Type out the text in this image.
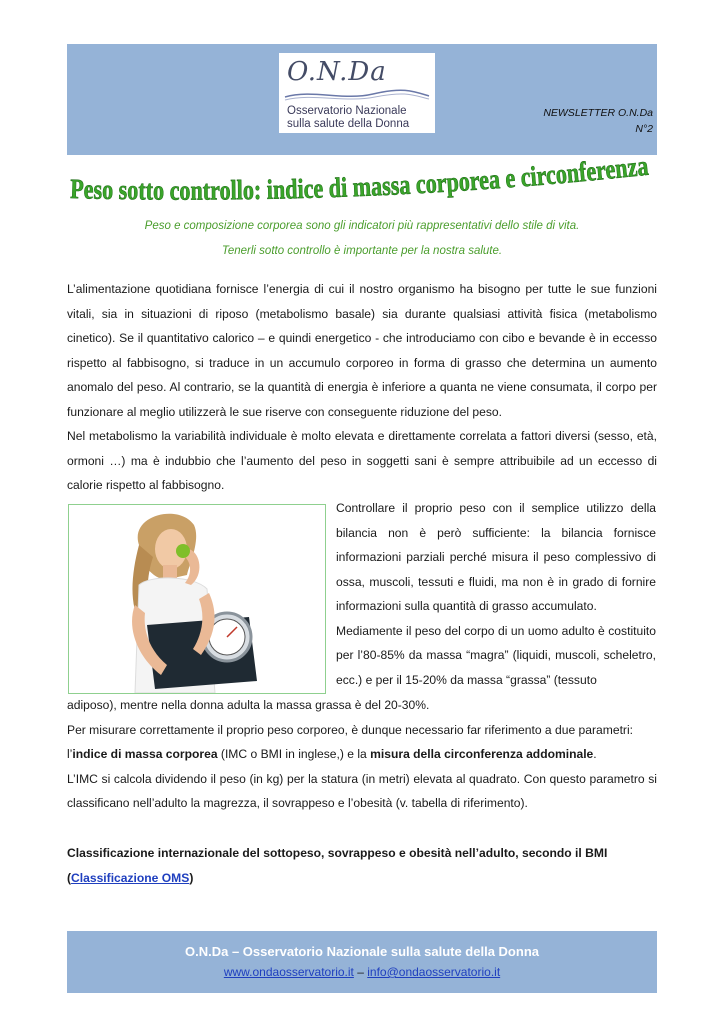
O.N.Da
Osservatorio Nazionale
sulla salute della Donna
NEWSLETTER O.N.Da
N°2
Peso sotto controllo: indice di massa corporea e circonferenza
Peso e composizione corporea sono gli indicatori più rappresentativi dello stile di vita.
Tenerli sotto controllo è importante per la nostra salute.

L’alimentazione quotidiana fornisce l’energia di cui il nostro organismo ha bisogno per tutte le sue funzioni vitali, sia in situazioni di riposo (metabolismo basale) sia durante qualsiasi attività fisica (metabolismo cinetico). Se il quantitativo calorico – e quindi energetico - che introduciamo con cibo e bevande è in eccesso rispetto al fabbisogno, si traduce in un accumulo corporeo in forma di grasso che determina un aumento anomalo del peso. Al contrario, se la quantità di energia è inferiore a quanta ne viene consumata, il corpo per funzionare al meglio utilizzerà le sue riserve con conseguente riduzione del peso.

Nel metabolismo la variabilità individuale è molto elevata e direttamente correlata a fattori diversi (sesso, età, ormoni …) ma è indubbio che l’aumento del peso in soggetti sani è sempre attribuibile ad un eccesso di calorie rispetto al fabbisogno.

Controllare il proprio peso con il semplice utilizzo della bilancia non è però sufficiente: la bilancia fornisce informazioni parziali perché misura il peso complessivo di ossa, muscoli, tessuti e fluidi, ma non è in grado di fornire informazioni sulla quantità di grasso accumulato.

Mediamente il peso del corpo di un uomo adulto è costituito per l’80-85% da massa “magra” (liquidi, muscoli, scheletro, ecc.) e per il 15-20% da massa “grassa” (tessuto

adiposo), mentre nella donna adulta la massa grassa è del 20-30%.

Per misurare correttamente il proprio peso corporeo, è dunque necessario far riferimento a due parametri:

l’indice di massa corporea (IMC o BMI in inglese,) e la misura della circonferenza addominale.

L’IMC si calcola dividendo il peso (in kg) per la statura (in metri) elevata al quadrato. Con questo parametro si classificano nell’adulto la magrezza, il sovrappeso e l’obesità (v. tabella di riferimento).

Classificazione internazionale del sottopeso, sovrappeso e obesità nell’adulto, secondo il BMI
(Classificazione OMS)
O.N.Da – Osservatorio Nazionale sulla salute della Donna
www.ondaosservatorio.it – info@ondaosservatorio.it
